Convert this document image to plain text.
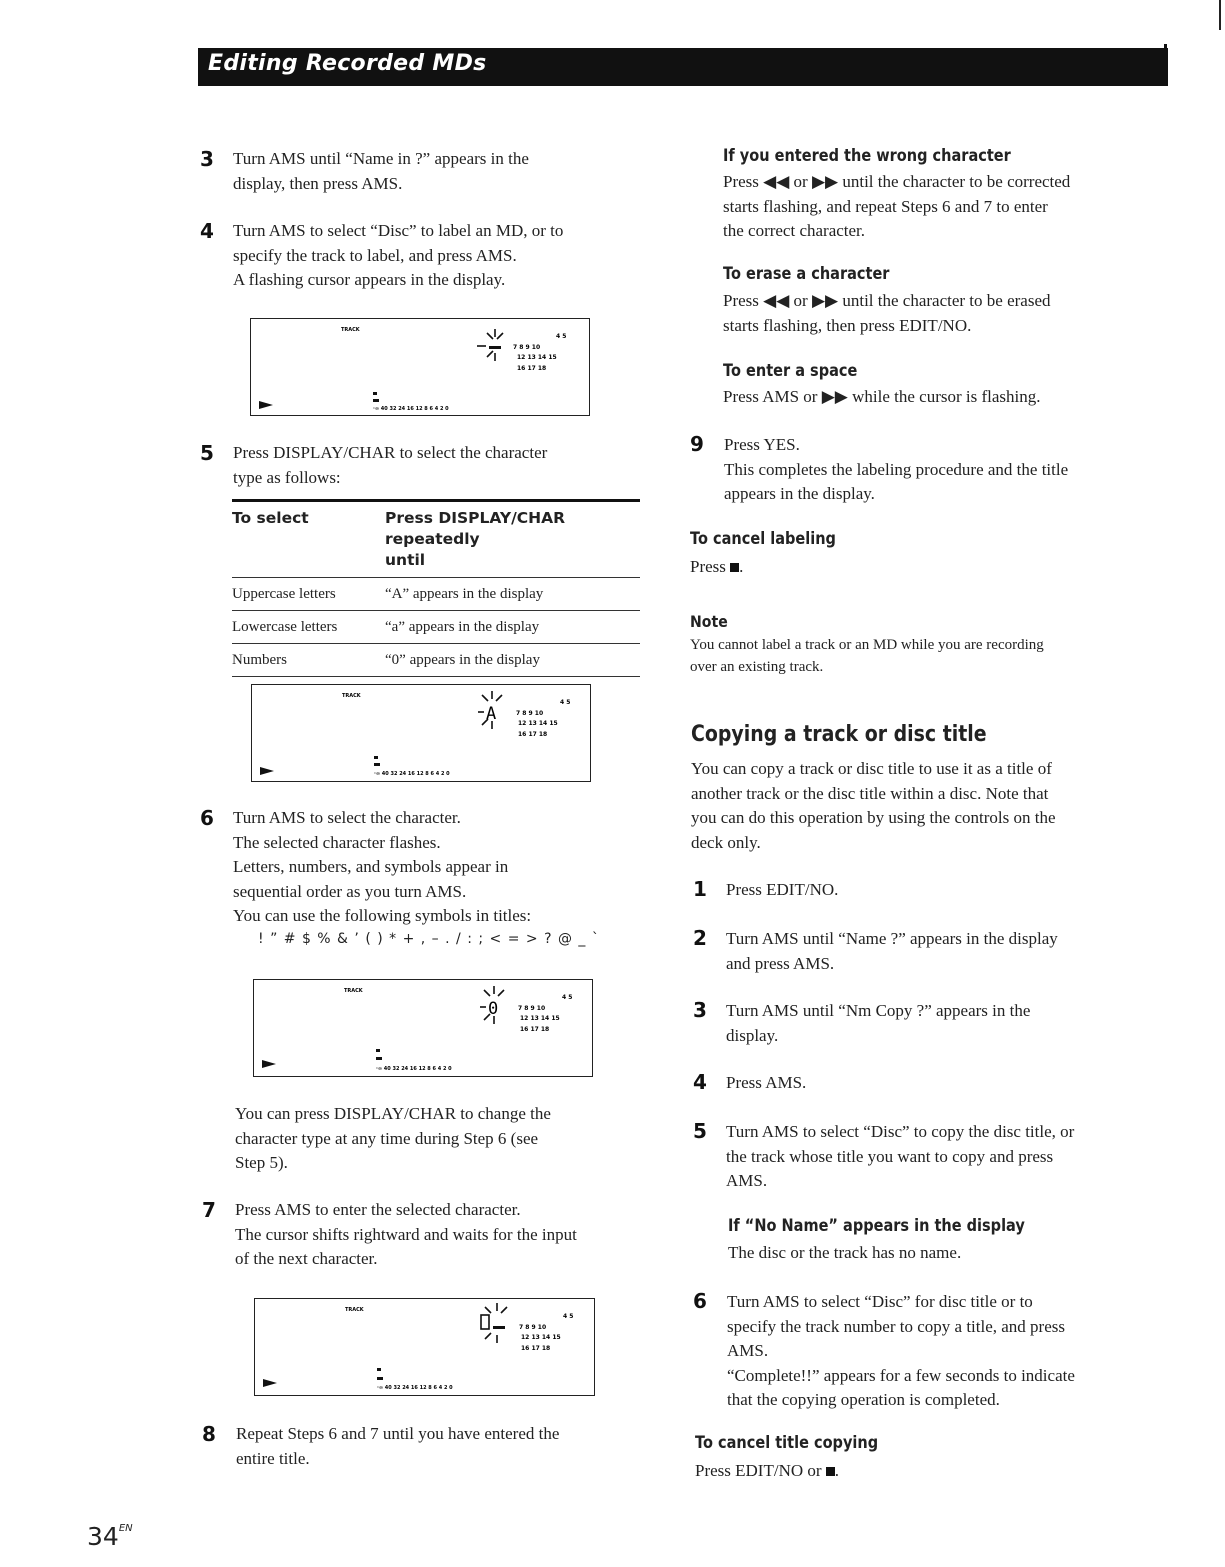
Editing Recorded MDs
3 Turn AMS until “Name in ?” appears in the
display, then press AMS.
4 Turn AMS to select “Disc” to label an MD, or to
specify the track to label, and press AMS.
A flashing cursor appears in the display.
TRACK
4 5
7 8 9 10
12 13 14 15
16 17 18
·∞ 40 32 24 16 12 8 6 4 2 0
5 Press DISPLAY/CHAR to select the character
type as follows:
To select	Press DISPLAY/CHAR repeatedly
until
Uppercase letters	“A” appears in the display
Lowercase letters	“a” appears in the display
Numbers	“0” appears in the display
TRACK
A
4 5
7 8 9 10
12 13 14 15
16 17 18
·∞ 40 32 24 16 12 8 6 4 2 0
6 Turn AMS to select the character.
The selected character flashes.
Letters, numbers, and symbols appear in
sequential order as you turn AMS.
You can use the following symbols in titles:
! ” # $ % & ’ ( ) * + , – . / : ; < = > ? @ _ `
TRACK
0
4 5
7 8 9 10
12 13 14 15
16 17 18
·∞ 40 32 24 16 12 8 6 4 2 0
You can press DISPLAY/CHAR to change the
character type at any time during Step 6 (see
Step 5).
7 Press AMS to enter the selected character.
The cursor shifts rightward and waits for the input
of the next character.
TRACK
4 5
7 8 9 10
12 13 14 15
16 17 18
·∞ 40 32 24 16 12 8 6 4 2 0
8 Repeat Steps 6 and 7 until you have entered the
entire title.
$34^{EN}$
If you entered the wrong character
Press ◀◀ or ▶▶ until the character to be corrected
starts flashing, and repeat Steps 6 and 7 to enter
the correct character.
To erase a character
Press ◀◀ or ▶▶ until the character to be erased
starts flashing, then press EDIT/NO.
To enter a space
Press AMS or ▶▶ while the cursor is flashing.
9 Press YES.
This completes the labeling procedure and the title
appears in the display.
To cancel labeling
Press .
Note
You cannot label a track or an MD while you are recording
over an existing track.
Copying a track or disc title
You can copy a track or disc title to use it as a title of
another track or the disc title within a disc. Note that
you can do this operation by using the controls on the
deck only.
1 Press EDIT/NO.
2 Turn AMS until “Name ?” appears in the display
and press AMS.
3 Turn AMS until “Nm Copy ?” appears in the
display.
4 Press AMS.
5 Turn AMS to select “Disc” to copy the disc title, or
the track whose title you want to copy and press
AMS.
If “No Name” appears in the display
The disc or the track has no name.
6 Turn AMS to select “Disc” for disc title or to
specify the track number to copy a title, and press
AMS.
“Complete!!” appears for a few seconds to indicate
that the copying operation is completed.
To cancel title copying
Press EDIT/NO or .
